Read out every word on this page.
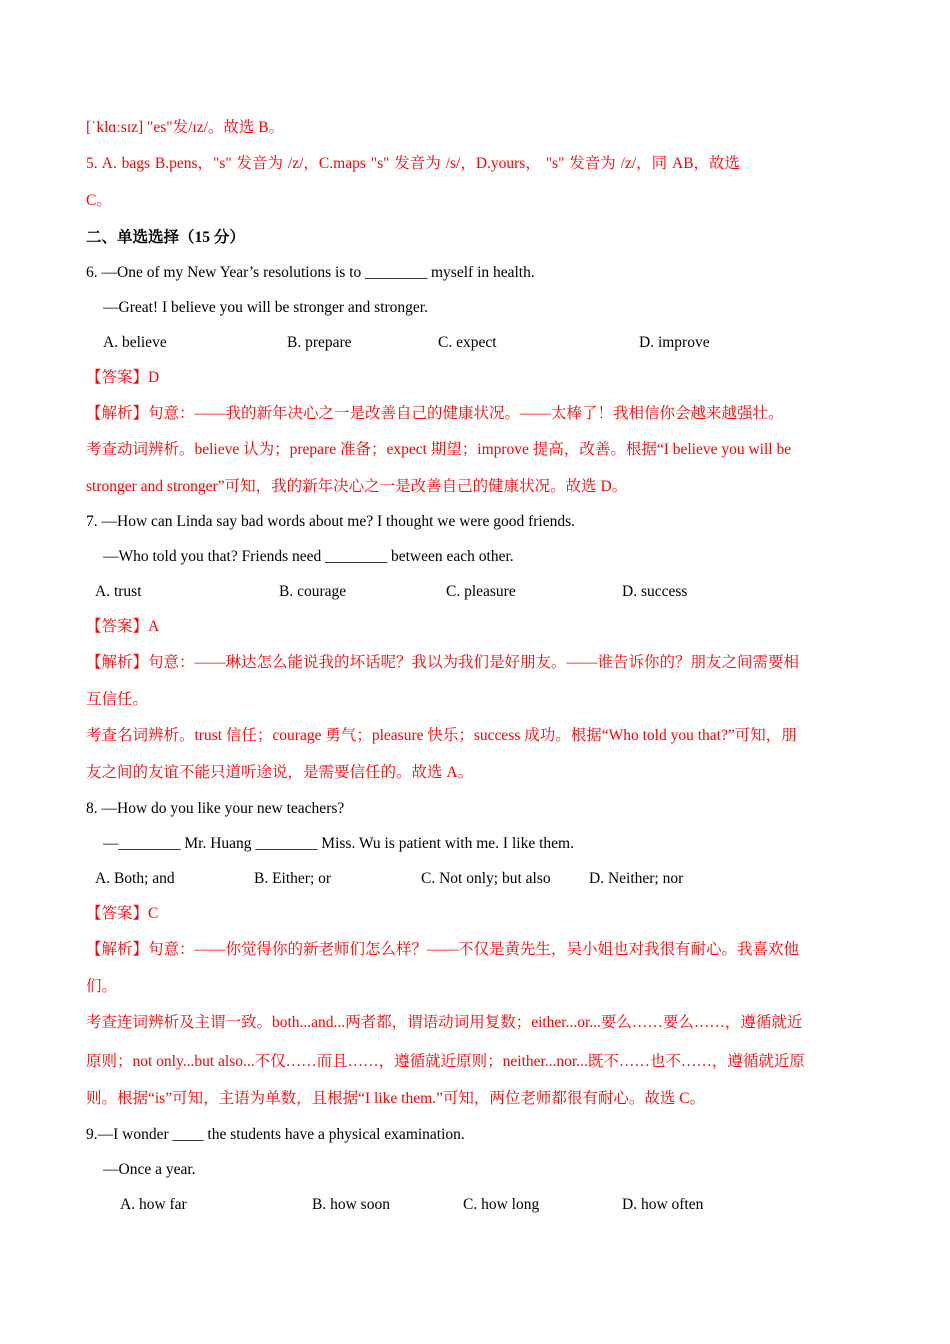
[ˈklɑːsɪz] "es"发/ɪz/。故选 B。
5. A. bags B.pens，"s" 发音为 /z/，C.maps "s" 发音为 /s/，D.yours， "s" 发音为 /z/，同 AB，故选
C。
二、单选选择（15 分）
6. —One of my New Year’s resolutions is to ________ myself in health.
—Great! I believe you will be stronger and stronger.
A. believe	B. prepare	C. expect	D. improve
【答案】D
【解析】句意：——我的新年决心之一是改善自己的健康状况。——太棒了！我相信你会越来越强壮。
考查动词辨析。believe 认为；prepare 准备；expect 期望；improve 提高，改善。根据“I believe you will be
stronger and stronger”可知，我的新年决心之一是改善自己的健康状况。故选 D。
7. —How can Linda say bad words about me? I thought we were good friends.
—Who told you that? Friends need ________ between each other.
A. trust	B. courage	C. pleasure	D. success
【答案】A
【解析】句意：——琳达怎么能说我的坏话呢？我以为我们是好朋友。——谁告诉你的？朋友之间需要相
互信任。
考查名词辨析。trust 信任；courage 勇气；pleasure 快乐；success 成功。根据“Who told you that?”可知，朋
友之间的友谊不能只道听途说，是需要信任的。故选 A。
8. —How do you like your new teachers?
—________ Mr. Huang ________ Miss. Wu is patient with me. I like them.
A. Both; and	B. Either; or	C. Not only; but also D. Neither; nor
【答案】C
【解析】句意：——你觉得你的新老师们怎么样？——不仅是黄先生，吴小姐也对我很有耐心。我喜欢他
们。
考查连词辨析及主谓一致。both...and...两者都，谓语动词用复数；either...or...要么……要么……，遵循就近
原则；not only...but also...不仅……而且……，遵循就近原则；neither...nor...既不……也不……，遵循就近原
则。根据“is”可知，主语为单数，且根据“I like them.”可知，两位老师都很有耐心。故选 C。
9.—I wonder ____ the students have a physical examination.
—Once a year.
A. how far	B. how soon	C. how long	D. how often
